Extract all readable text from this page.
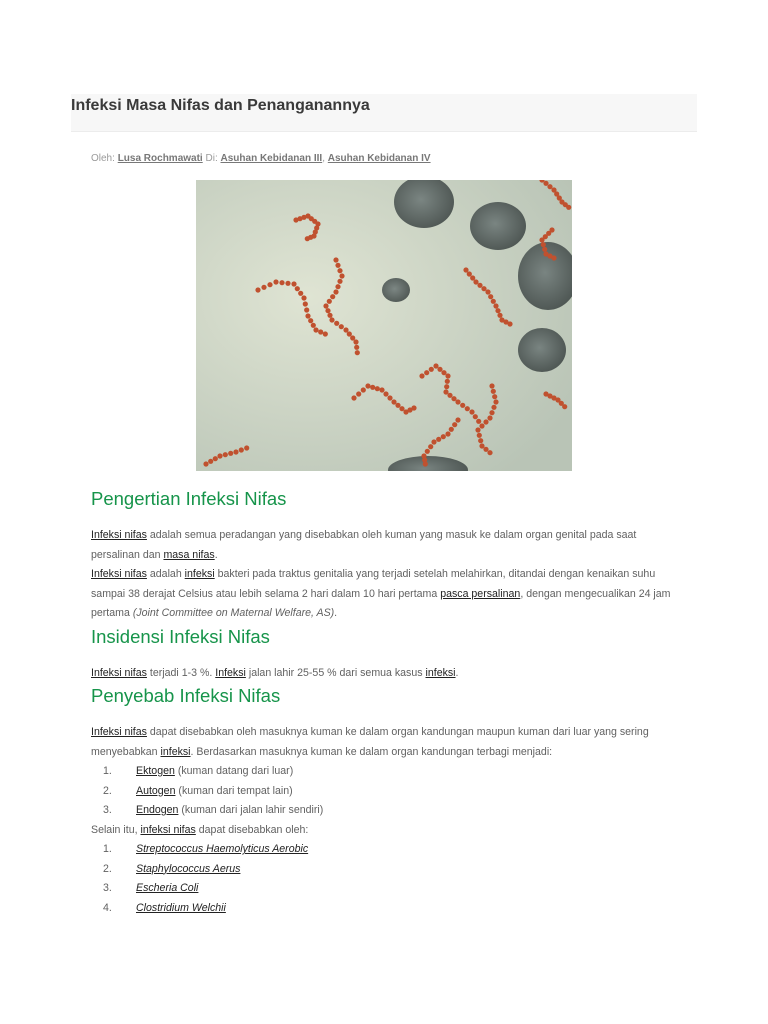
Infeksi Masa Nifas dan Penanganannya
Oleh: Lusa Rochmawati Di: Asuhan Kebidanan III, Asuhan Kebidanan IV
Pengertian Infeksi Nifas

Infeksi nifas adalah semua peradangan yang disebabkan oleh kuman yang masuk ke dalam organ genital pada saat persalinan dan masa nifas.

Infeksi nifas adalah infeksi bakteri pada traktus genitalia yang terjadi setelah melahirkan, ditandai dengan kenaikan suhu sampai 38 derajat Celsius atau lebih selama 2 hari dalam 10 hari pertama pasca persalinan, dengan mengecualikan 24 jam pertama (Joint Committee on Maternal Welfare, AS).

Insidensi Infeksi Nifas

Infeksi nifas terjadi 1-3 %. Infeksi jalan lahir 25-55 % dari semua kasus infeksi.

Penyebab Infeksi Nifas

Infeksi nifas dapat disebabkan oleh masuknya kuman ke dalam organ kandungan maupun kuman dari luar yang sering menyebabkan infeksi. Berdasarkan masuknya kuman ke dalam organ kandungan terbagi menjadi:

1. Ektogen (kuman datang dari luar)
2. Autogen (kuman dari tempat lain)
3. Endogen (kuman dari jalan lahir sendiri)

Selain itu, infeksi nifas dapat disebabkan oleh:

1. Streptococcus Haemolyticus Aerobic
2. Staphylococcus Aerus
3. Escheria Coli
4. Clostridium Welchii
